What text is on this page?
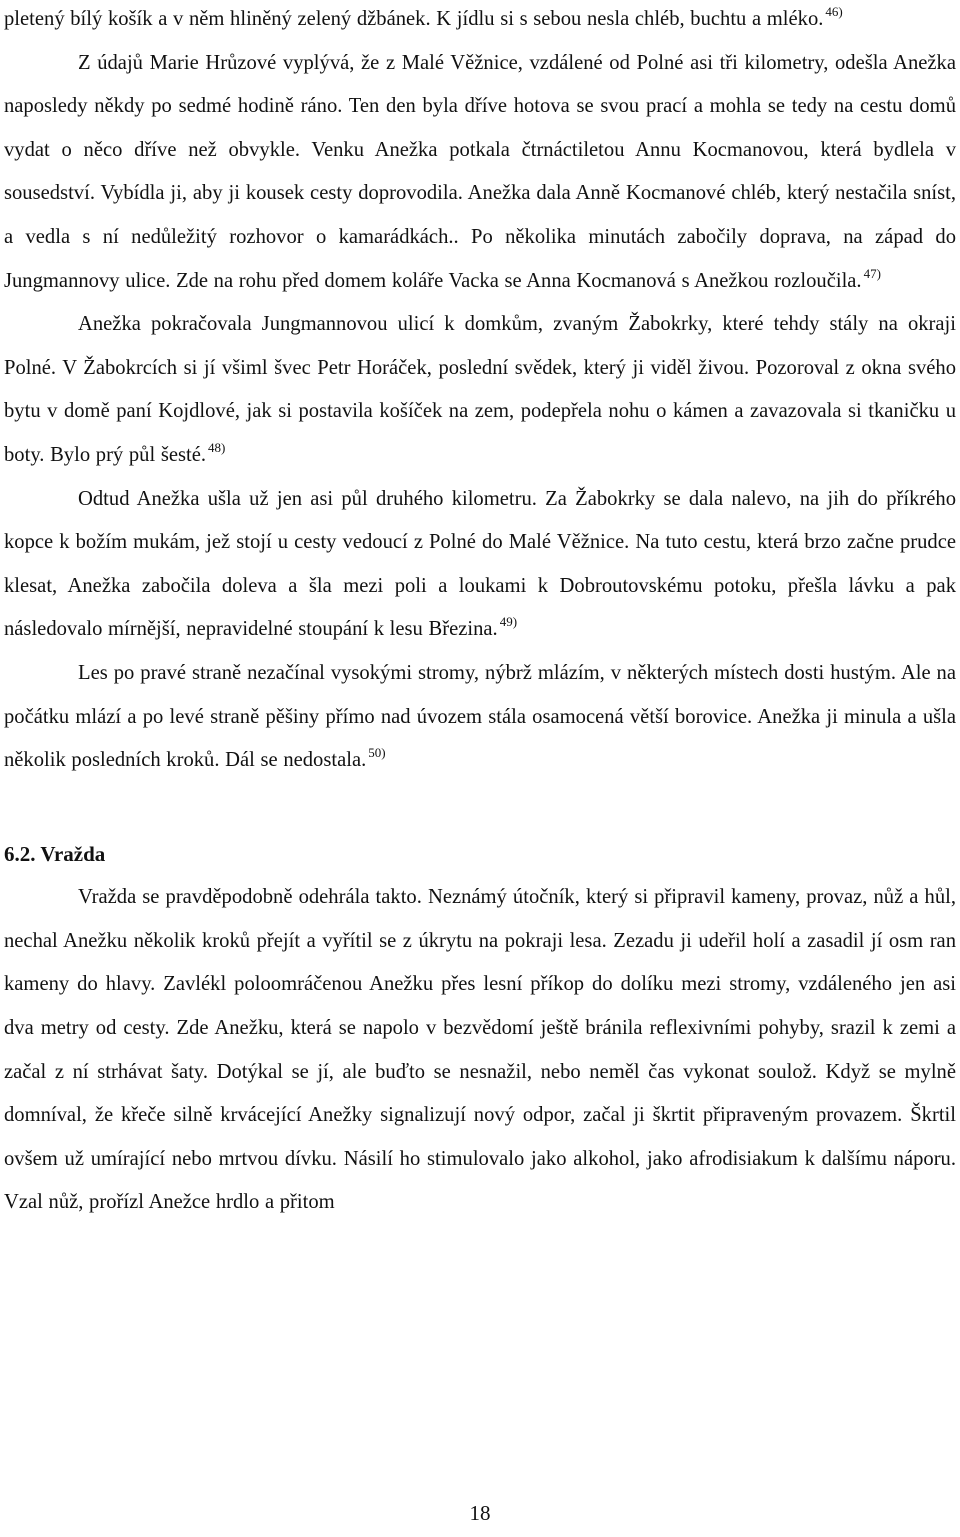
pletený bílý košík a v něm hliněný zelený džbánek. K jídlu si s sebou nesla chléb, buchtu a mléko. $^{46)}$

Z údajů Marie Hrůzové vyplývá, že z Malé Věžnice, vzdálené od Polné asi tři kilometry, odešla Anežka naposledy někdy po sedmé hodině ráno. Ten den byla dříve hotova se svou prací a mohla se tedy na cestu domů vydat o něco dříve než obvykle. Venku Anežka potkala čtrnáctiletou Annu Kocmanovou, která bydlela v sousedství. Vybídla ji, aby ji kousek cesty doprovodila. Anežka dala Anně Kocmanové chléb, který nestačila sníst, a vedla s ní nedůležitý rozhovor o kamarádkách.. Po několika minutách zabočily doprava, na západ do Jungmannovy ulice. Zde na rohu před domem koláře Vacka se Anna Kocmanová s Anežkou rozloučila. $^{47)}$

Anežka pokračovala Jungmannovou ulicí k domkům, zvaným Žabokrky, které tehdy stály na okraji Polné. V Žabokrcích si jí všiml švec Petr Horáček, poslední svědek, který ji viděl živou. Pozoroval z okna svého bytu v domě paní Kojdlové, jak si postavila košíček na zem, podepřela nohu o kámen a zavazovala si tkaničku u boty. Bylo prý půl šesté. $^{48)}$

Odtud Anežka ušla už jen asi půl druhého kilometru. Za Žabokrky se dala nalevo, na jih do příkrého kopce k božím mukám, jež stojí u cesty vedoucí z Polné do Malé Věžnice. Na tuto cestu, která brzo začne prudce klesat, Anežka zabočila doleva a šla mezi poli a loukami k Dobroutovskému potoku, přešla lávku a pak následovalo mírnější, nepravidelné stoupání k lesu Březina. $^{49)}$

Les po pravé straně nezačínal vysokými stromy, nýbrž mlázím, v některých místech dosti hustým. Ale na počátku mlází a po levé straně pěšiny přímo nad úvozem stála osamocená větší borovice. Anežka ji minula a ušla několik posledních kroků. Dál se nedostala. $^{50)}$

6.2. Vražda

Vražda se pravděpodobně odehrála takto. Neznámý útočník, který si připravil kameny, provaz, nůž a hůl, nechal Anežku několik kroků přejít a vyřítil se z úkrytu na pokraji lesa. Zezadu ji udeřil holí a zasadil jí osm ran kameny do hlavy. Zavlékl poloomráčenou Anežku přes lesní příkop do dolíku mezi stromy, vzdáleného jen asi dva metry od cesty. Zde Anežku, která se napolo v bezvědomí ještě bránila reflexivními pohyby, srazil k zemi a začal z ní strhávat šaty. Dotýkal se jí, ale buďto se nesnažil, nebo neměl čas vykonat soulož. Když se mylně domníval, že křeče silně krvácející Anežky signalizují nový odpor, začal ji škrtit připraveným provazem. Škrtil ovšem už umírající nebo mrtvou dívku. Násilí ho stimulovalo jako alkohol, jako afrodisiakum k dalšímu náporu. Vzal nůž, prořízl Anežce hrdlo a přitom

18
